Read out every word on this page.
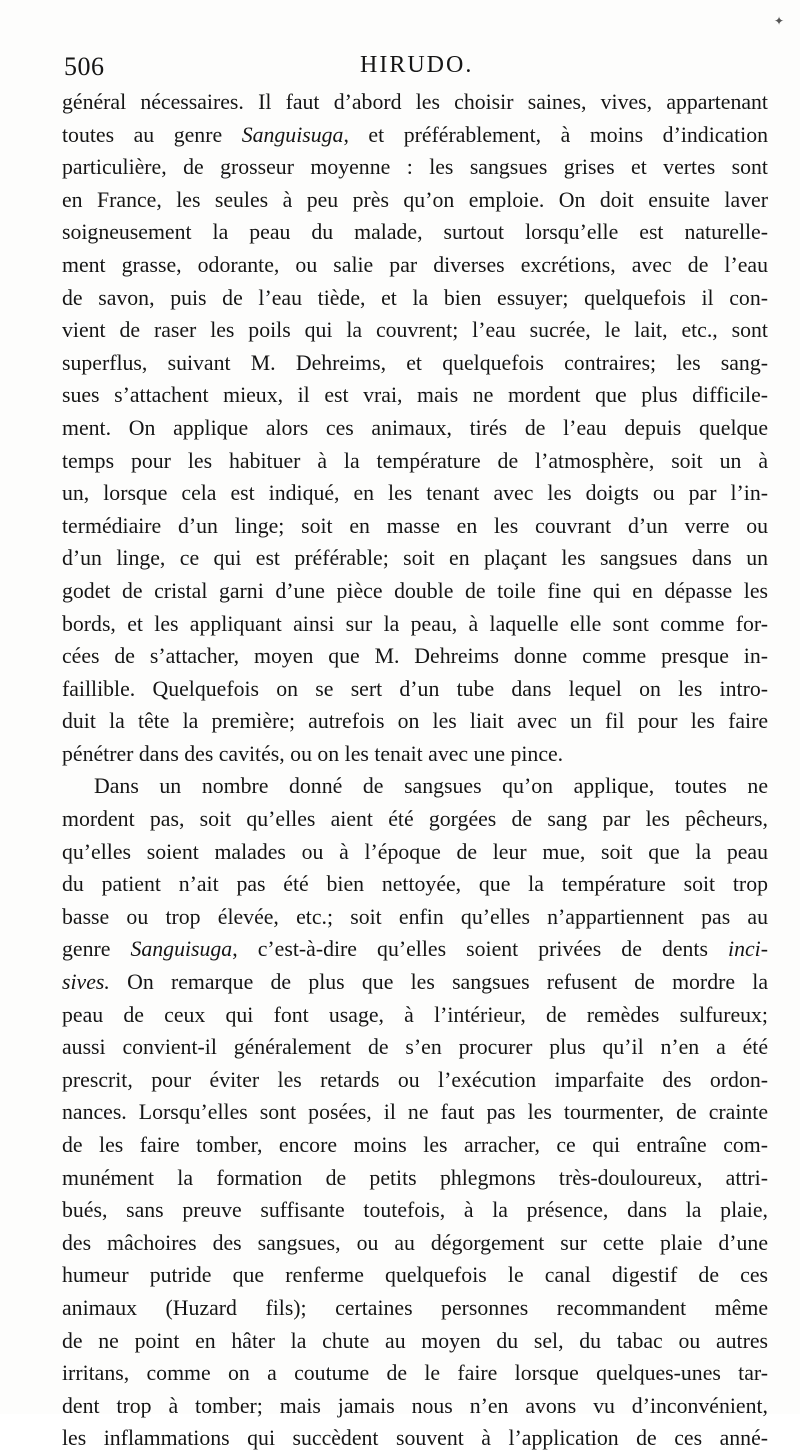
✦
506	HIRUDO.
général nécessaires. Il faut d’abord les choisir saines, vives, appartenant
toutes au genre Sanguisuga, et préférablement, à moins d’indication
particulière, de grosseur moyenne : les sangsues grises et vertes sont
en France, les seules à peu près qu’on emploie. On doit ensuite laver
soigneusement la peau du malade, surtout lorsqu’elle est naturelle-
ment grasse, odorante, ou salie par diverses excrétions, avec de l’eau
de savon, puis de l’eau tiède, et la bien essuyer; quelquefois il con-
vient de raser les poils qui la couvrent; l’eau sucrée, le lait, etc., sont
superflus, suivant M. Dehreims, et quelquefois contraires; les sang-
sues s’attachent mieux, il est vrai, mais ne mordent que plus difficile-
ment. On applique alors ces animaux, tirés de l’eau depuis quelque
temps pour les habituer à la température de l’atmosphère, soit un à
un, lorsque cela est indiqué, en les tenant avec les doigts ou par l’in-
termédiaire d’un linge; soit en masse en les couvrant d’un verre ou
d’un linge, ce qui est préférable; soit en plaçant les sangsues dans un
godet de cristal garni d’une pièce double de toile fine qui en dépasse les
bords, et les appliquant ainsi sur la peau, à laquelle elle sont comme for-
cées de s’attacher, moyen que M. Dehreims donne comme presque in-
faillible. Quelquefois on se sert d’un tube dans lequel on les intro-
duit la tête la première; autrefois on les liait avec un fil pour les faire
pénétrer dans des cavités, ou on les tenait avec une pince.
Dans un nombre donné de sangsues qu’on applique, toutes ne
mordent pas, soit qu’elles aient été gorgées de sang par les pêcheurs,
qu’elles soient malades ou à l’époque de leur mue, soit que la peau
du patient n’ait pas été bien nettoyée, que la température soit trop
basse ou trop élevée, etc.; soit enfin qu’elles n’appartiennent pas au
genre Sanguisuga, c’est-à-dire qu’elles soient privées de dents inci-
sives. On remarque de plus que les sangsues refusent de mordre la
peau de ceux qui font usage, à l’intérieur, de remèdes sulfureux;
aussi convient-il généralement de s’en procurer plus qu’il n’en a été
prescrit, pour éviter les retards ou l’exécution imparfaite des ordon-
nances. Lorsqu’elles sont posées, il ne faut pas les tourmenter, de crainte
de les faire tomber, encore moins les arracher, ce qui entraîne com-
munément la formation de petits phlegmons très-douloureux, attri-
bués, sans preuve suffisante toutefois, à la présence, dans la plaie,
des mâchoires des sangsues, ou au dégorgement sur cette plaie d’une
humeur putride que renferme quelquefois le canal digestif de ces
animaux (Huzard fils); certaines personnes recommandent même
de ne point en hâter la chute au moyen du sel, du tabac ou autres
irritans, comme on a coutume de le faire lorsque quelques-unes tar-
dent trop à tomber; mais jamais nous n’en avons vu d’inconvénient,
les inflammations qui succèdent souvent à l’application de ces anné-
